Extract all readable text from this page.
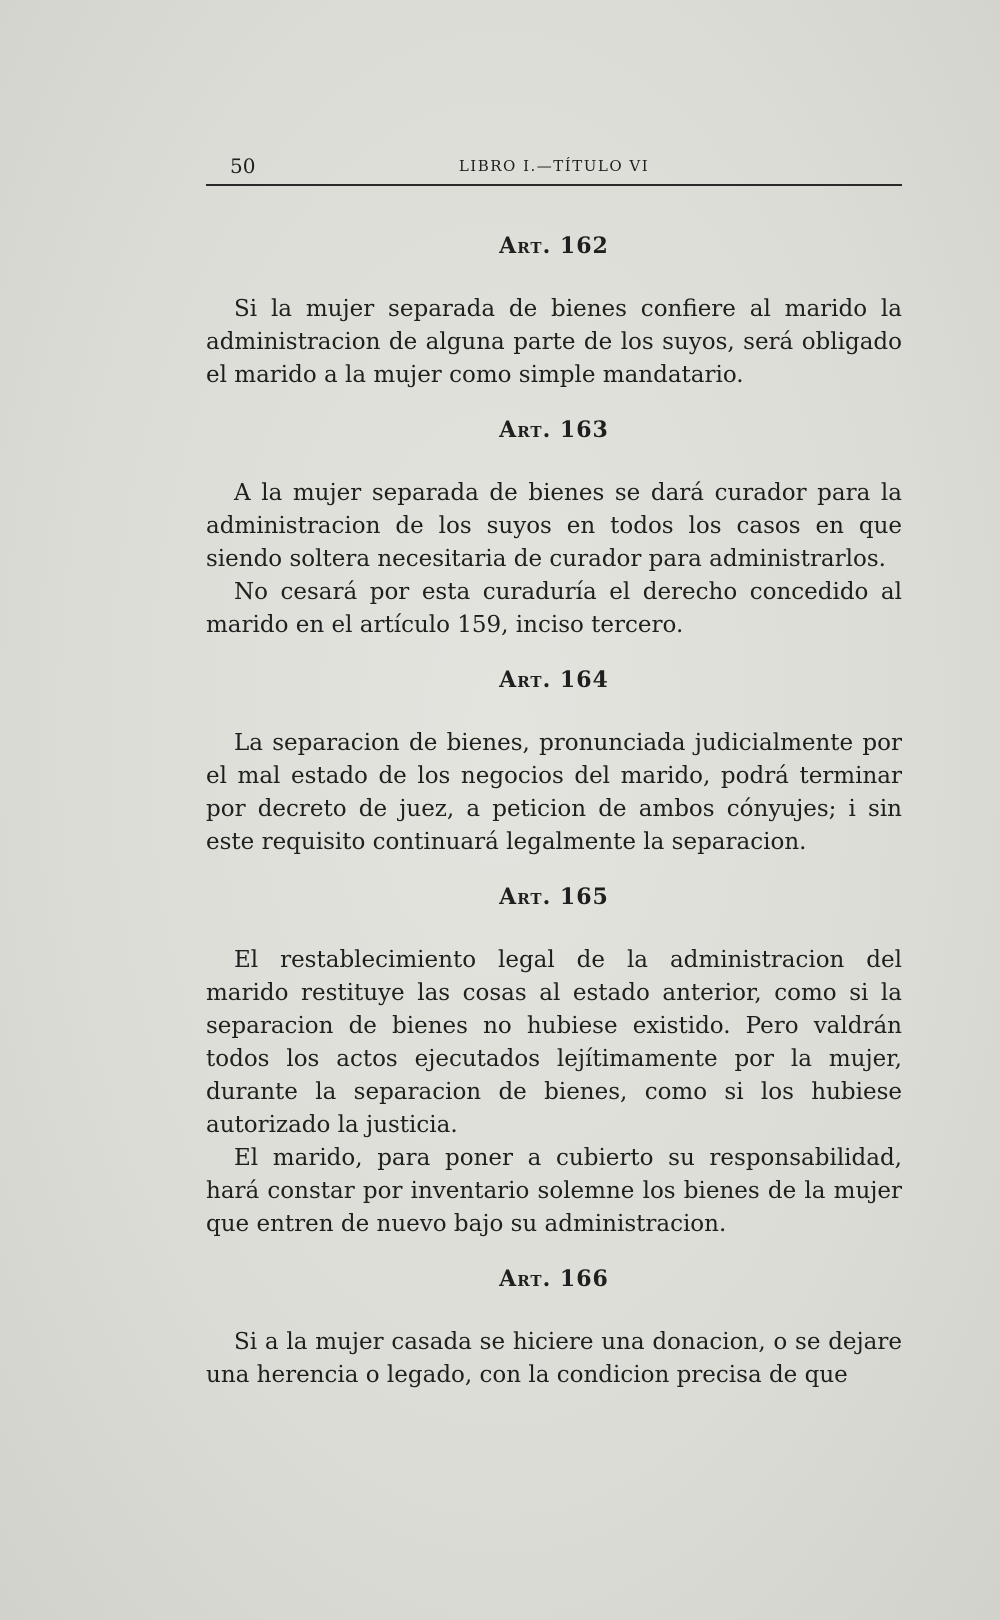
50	LIBRO I.—TÍTULO VI
Art. 162

Si la mujer separada de bienes confiere al marido la administracion de alguna parte de los suyos, será obligado el marido a la mujer como simple mandatario.

Art. 163

A la mujer separada de bienes se dará curador para la administracion de los suyos en todos los casos en que siendo soltera necesitaria de curador para administrarlos.

No cesará por esta curaduría el derecho concedido al marido en el artículo 159, inciso tercero.

Art. 164

La separacion de bienes, pronunciada judicialmente por el mal estado de los negocios del marido, podrá terminar por decreto de juez, a peticion de ambos cónyujes; i sin este requisito continuará legalmente la separacion.

Art. 165

El restablecimiento legal de la administracion del marido restituye las cosas al estado anterior, como si la separacion de bienes no hubiese existido. Pero valdrán todos los actos ejecutados lejítimamente por la mujer, durante la separacion de bienes, como si los hubiese autorizado la justicia.

El marido, para poner a cubierto su responsabilidad, hará constar por inventario solemne los bienes de la mujer que entren de nuevo bajo su administracion.

Art. 166

Si a la mujer casada se hiciere una donacion, o se dejare una herencia o legado, con la condicion precisa de que
